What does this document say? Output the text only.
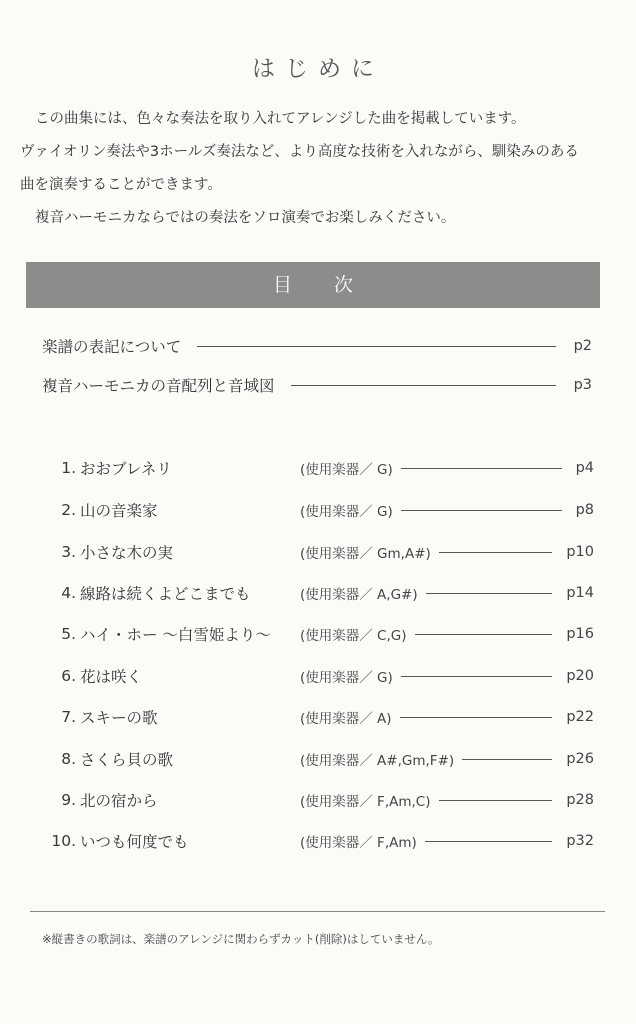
はじめに

この曲集には、色々な奏法を取り入れてアレンジした曲を掲載しています。

ヴァイオリン奏法や3ホールズ奏法など、より高度な技術を入れながら、馴染みのある

曲を演奏することができます。

複音ハーモニカならではの奏法をソロ演奏でお楽しみください。

目 次
楽譜の表記について	p2
複音ハーモニカの音配列と音域図	p3
1. おおブレネリ	(使用楽器／ G)	p4
2. 山の音楽家	(使用楽器／ G)	p8
3. 小さな木の実	(使用楽器／ Gm,A#)	p10
4. 線路は続くよどこまでも	(使用楽器／ A,G#)	p14
5. ハイ・ホー 〜白雪姫より〜	(使用楽器／ C,G)	p16
6. 花は咲く	(使用楽器／ G)	p20
7. スキーの歌	(使用楽器／ A)	p22
8. さくら貝の歌	(使用楽器／ A#,Gm,F#)	p26
9. 北の宿から	(使用楽器／ F,Am,C)	p28
10. いつも何度でも	(使用楽器／ F,Am)	p32
※縦書きの歌詞は、楽譜のアレンジに関わらずカット(削除)はしていません。
